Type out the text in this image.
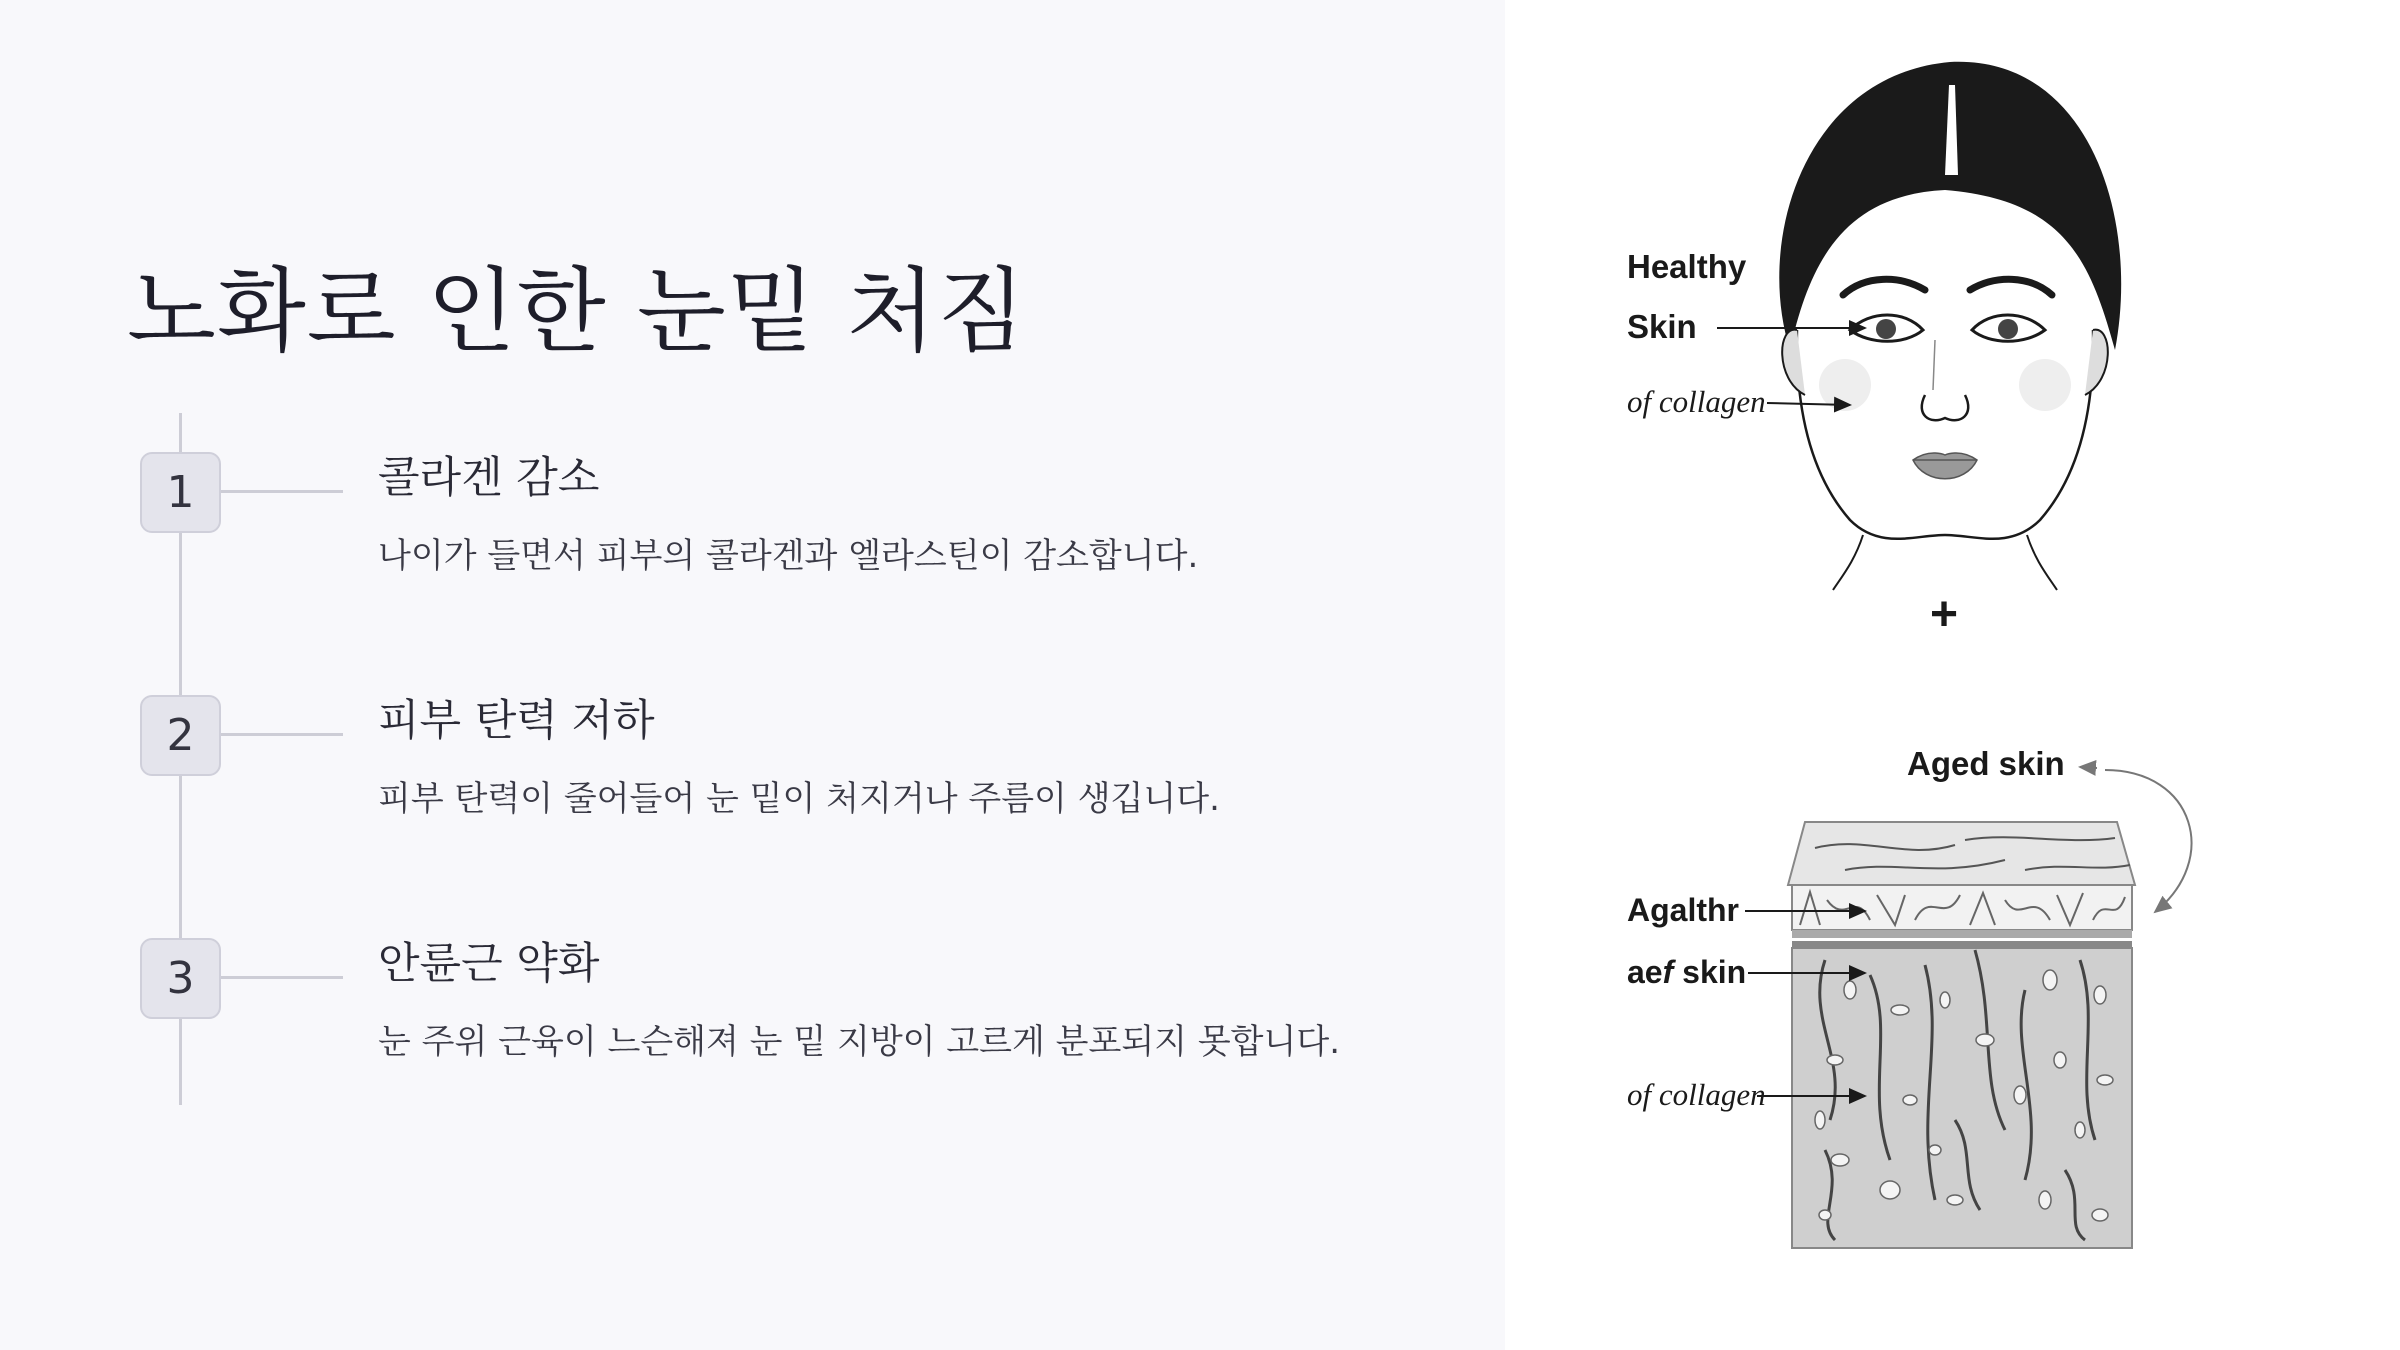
노화로 인한 눈밑 처짐
1	콜라겐 감소
나이가 들면서 피부의 콜라겐과 엘라스틴이 감소합니다.
2	피부 탄력 저하
피부 탄력이 줄어들어 눈 밑이 처지거나 주름이 생깁니다.
3	안륜근 약화
눈 주위 근육이 느슨해져 눈 밑 지방이 고르게 분포되지 못합니다.
Healthy
Skin
of collagen
+
Aged skin
Agalthr
aef skin
of collagen
